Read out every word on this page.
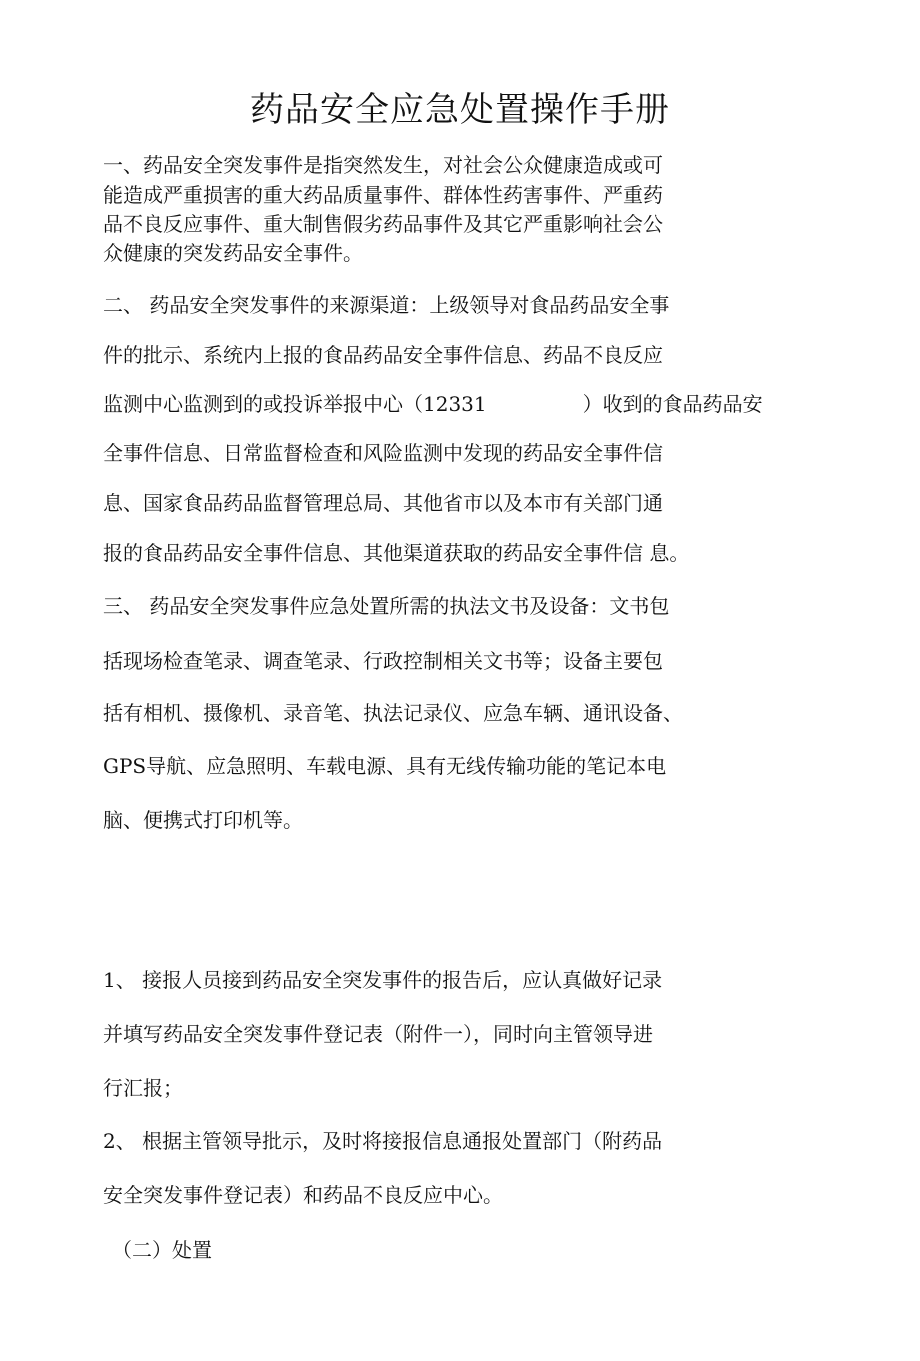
药品安全应急处置操作手册

一、药品安全突发事件是指突然发生，对社会公众健康造成或可

能造成严重损害的重大药品质量事件、群体性药害事件、严重药

品不良反应事件、重大制售假劣药品事件及其它严重影响社会公

众健康的突发药品安全事件。

二、 药品安全突发事件的来源渠道：上级领导对食品药品安全事

件的批示、系统内上报的食品药品安全事件信息、药品不良反应

监测中心监测到的或投诉举报中心（12331	）收到的食品药品安

全事件信息、日常监督检查和风险监测中发现的药品安全事件信

息、国家食品药品监督管理总局、其他省市以及本市有关部门通

报的食品药品安全事件信息、其他渠道获取的药品安全事件信 息。

三、 药品安全突发事件应急处置所需的执法文书及设备：文书包

括现场检查笔录、调查笔录、行政控制相关文书等；设备主要包

括有相机、摄像机、录音笔、执法记录仪、应急车辆、通讯设备、

GPS导航、应急照明、车载电源、具有无线传输功能的笔记本电

脑、便携式打印机等。

1、 接报人员接到药品安全突发事件的报告后，应认真做好记录

并填写药品安全突发事件登记表（附件一），同时向主管领导进

行汇报；

2、 根据主管领导批示，及时将接报信息通报处置部门（附药品

安全突发事件登记表）和药品不良反应中心。

（二）处置
